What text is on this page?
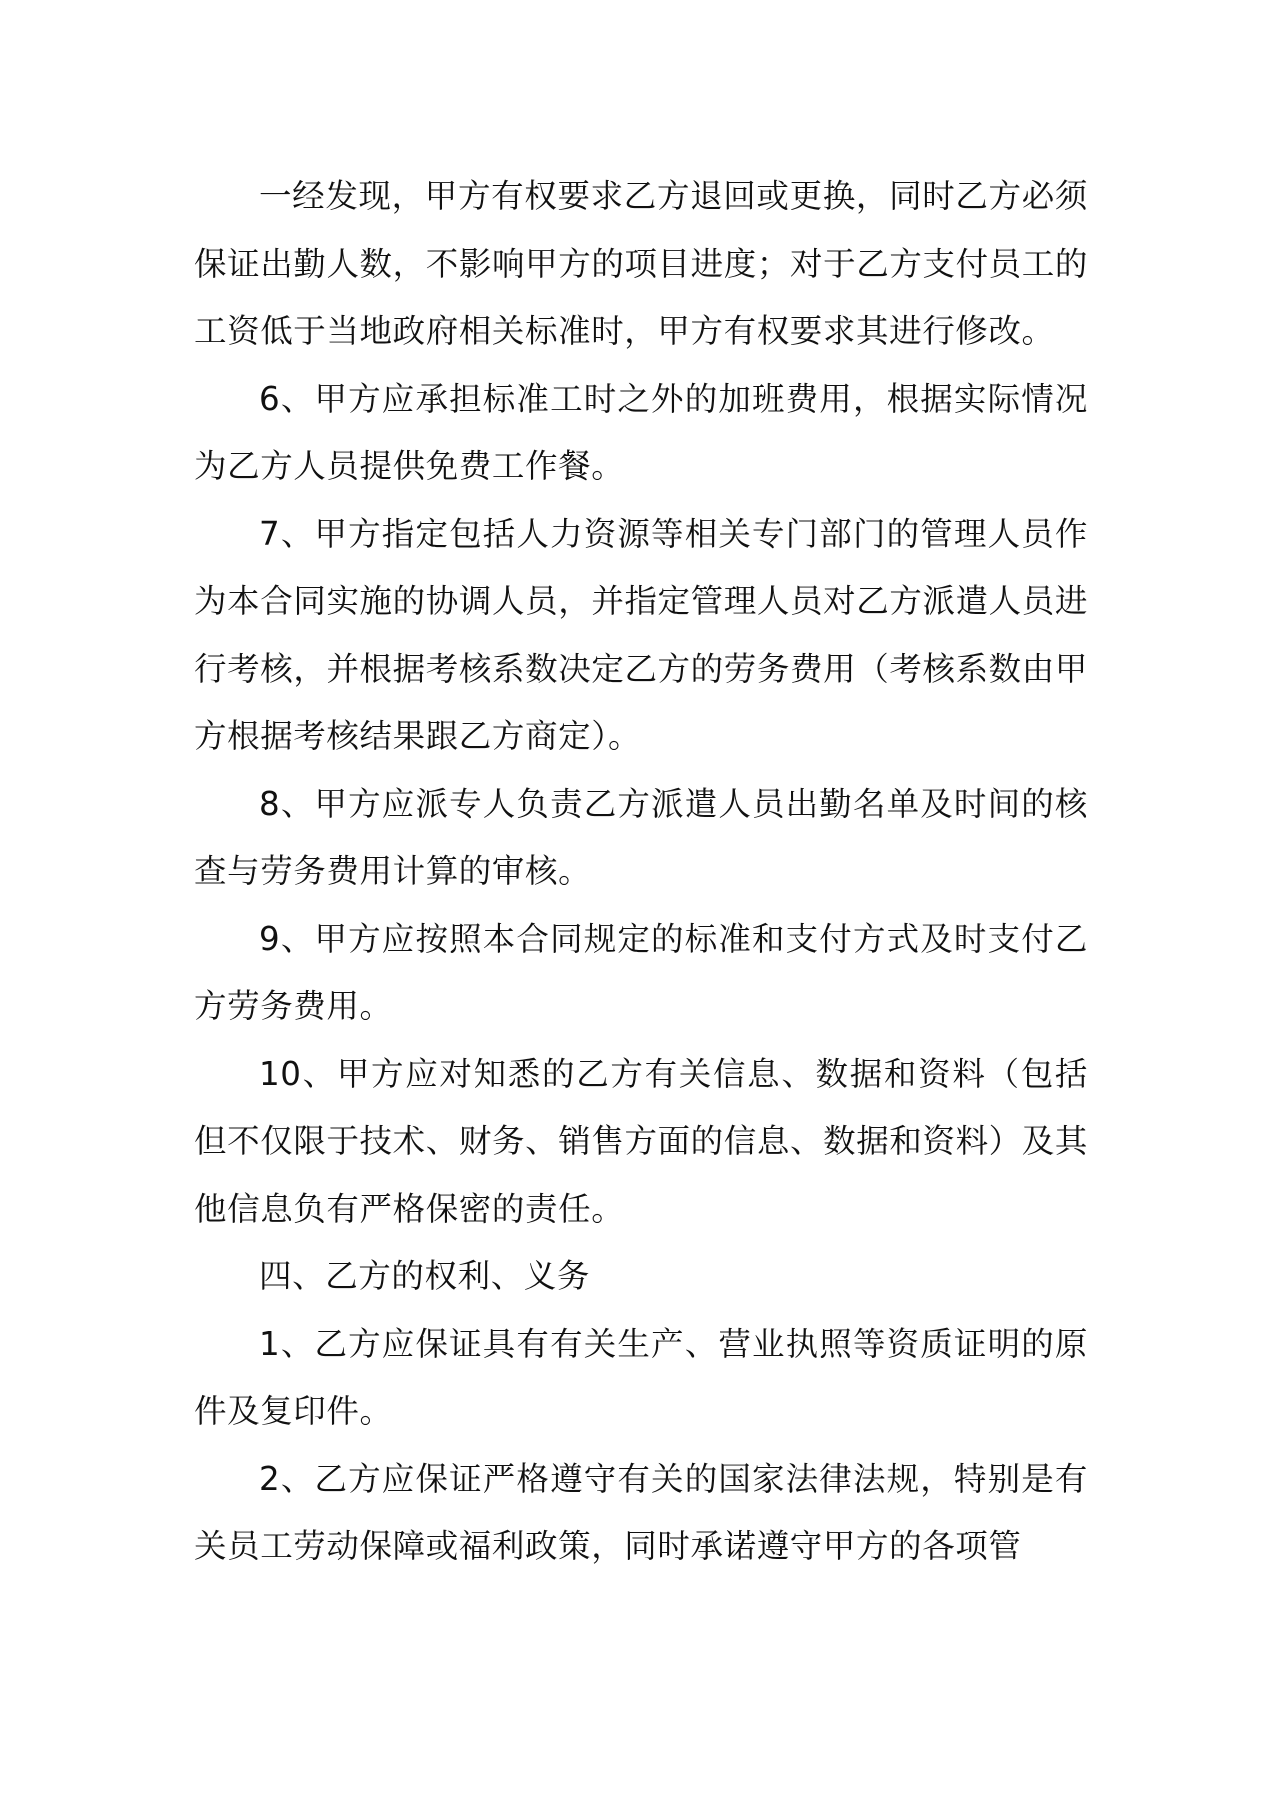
一经发现，甲方有权要求乙方退回或更换，同时乙方必须保证出勤人数，不影响甲方的项目进度；对于乙方支付员工的工资低于当地政府相关标准时，甲方有权要求其进行修改。

6、甲方应承担标准工时之外的加班费用，根据实际情况为乙方人员提供免费工作餐。

7、甲方指定包括人力资源等相关专门部门的管理人员作为本合同实施的协调人员，并指定管理人员对乙方派遣人员进行考核，并根据考核系数决定乙方的劳务费用（考核系数由甲方根据考核结果跟乙方商定）。

8、甲方应派专人负责乙方派遣人员出勤名单及时间的核查与劳务费用计算的审核。

9、甲方应按照本合同规定的标准和支付方式及时支付乙方劳务费用。

10、甲方应对知悉的乙方有关信息、数据和资料（包括但不仅限于技术、财务、销售方面的信息、数据和资料）及其他信息负有严格保密的责任。

四、乙方的权利、义务

1、乙方应保证具有有关生产、营业执照等资质证明的原件及复印件。

2、乙方应保证严格遵守有关的国家法律法规，特别是有关员工劳动保障或福利政策，同时承诺遵守甲方的各项管
